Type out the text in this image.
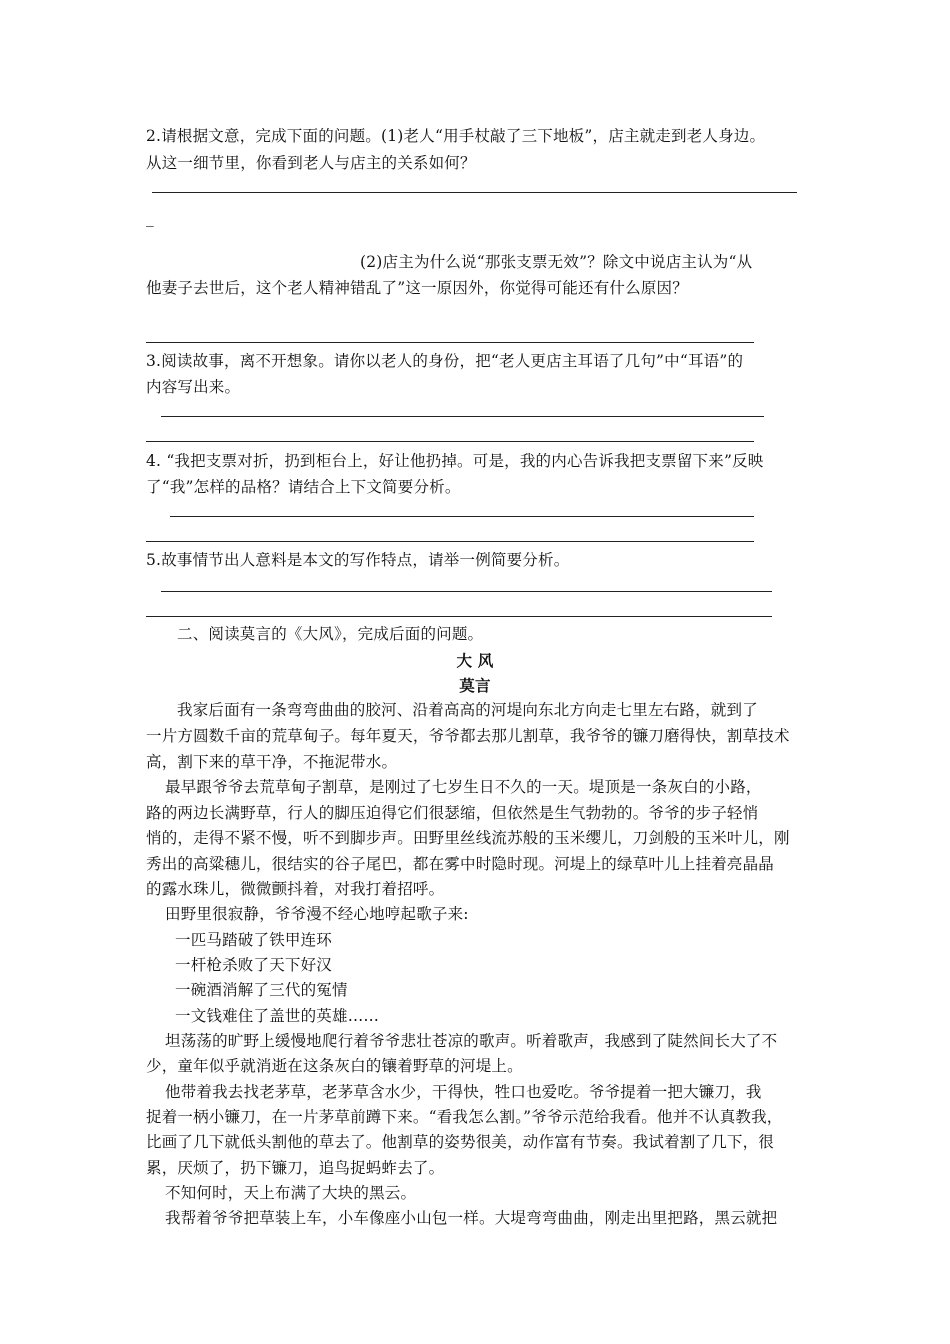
2.请根据文意，完成下面的问题。(1)老人“用手杖敲了三下地板”，店主就走到老人身边。
从这一细节里，你看到老人与店主的关系如何？
_
(2)店主为什么说“那张支票无效”？除文中说店主认为“从
他妻子去世后，这个老人精神错乱了”这一原因外，你觉得可能还有什么原因？
3.阅读故事，离不开想象。请你以老人的身份，把“老人更店主耳语了几句”中“耳语”的
内容写出来。
4. “我把支票对折，扔到柜台上，好让他扔掉。可是，我的内心告诉我把支票留下来”反映
了“我”怎样的品格？请结合上下文简要分析。
5.故事情节出人意料是本文的写作特点，请举一例简要分析。
二、阅读莫言的《大风》，完成后面的问题。
大 风
莫言
我家后面有一条弯弯曲曲的胶河、沿着高高的河堤向东北方向走七里左右路，就到了
一片方圆数千亩的荒草甸子。每年夏天，爷爷都去那儿割草，我爷爷的镰刀磨得快，割草技术
高，割下来的草干净，不拖泥带水。
最早跟爷爷去荒草甸子割草，是刚过了七岁生日不久的一天。堤顶是一条灰白的小路，
路的两边长满野草，行人的脚压迫得它们很瑟缩，但依然是生气勃勃的。爷爷的步子轻悄
悄的，走得不紧不慢，听不到脚步声。田野里丝线流苏般的玉米缨儿，刀剑般的玉米叶儿，刚
秀出的高粱穗儿，很结实的谷子尾巴，都在雾中时隐时现。河堤上的绿草叶儿上挂着亮晶晶
的露水珠儿，微微颤抖着，对我打着招呼。
田野里很寂静，爷爷漫不经心地哼起歌子来:
一匹马踏破了铁甲连环
一杆枪杀败了天下好汉
一碗酒消解了三代的冤情
一文钱难住了盖世的英雄……
坦荡荡的旷野上缓慢地爬行着爷爷悲壮苍凉的歌声。听着歌声，我感到了陡然间长大了不
少，童年似乎就消逝在这条灰白的镶着野草的河堤上。
他带着我去找老茅草，老茅草含水少，干得快，牲口也爱吃。爷爷提着一把大镰刀，我
捉着一柄小镰刀，在一片茅草前蹲下来。“看我怎么割。”爷爷示范给我看。他并不认真教我，
比画了几下就低头割他的草去了。他割草的姿势很美，动作富有节奏。我试着割了几下，很
累，厌烦了，扔下镰刀，追鸟捉蚂蚱去了。
不知何时，天上布满了大块的黑云。
我帮着爷爷把草装上车，小车像座小山包一样。大堤弯弯曲曲，刚走出里把路，黑云就把
